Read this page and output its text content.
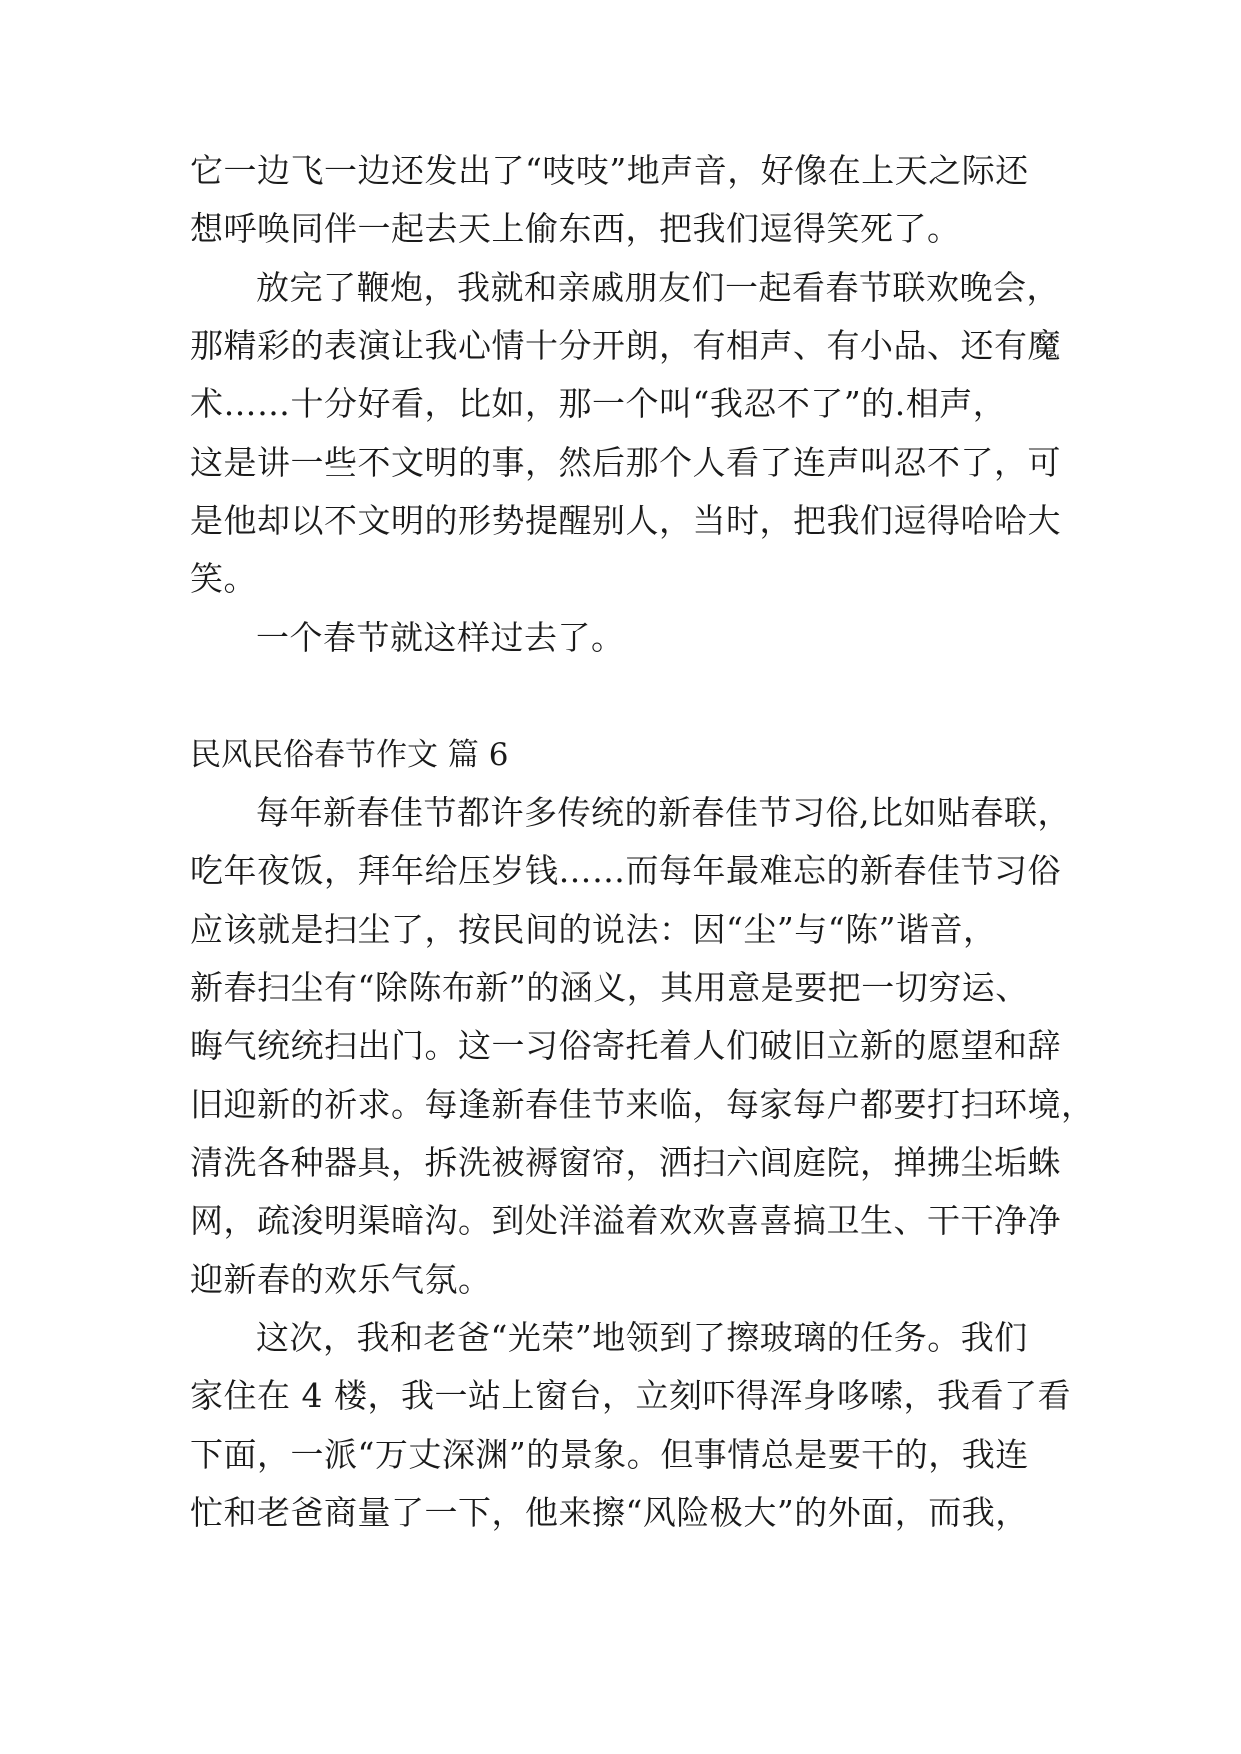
它一边飞一边还发出了“吱吱”地声音，好像在上天之际还
想呼唤同伴一起去天上偷东西，把我们逗得笑死了。
放完了鞭炮，我就和亲戚朋友们一起看春节联欢晚会，
那精彩的表演让我心情十分开朗，有相声、有小品、还有魔
术……十分好看，比如，那一个叫“我忍不了”的.相声，
这是讲一些不文明的事，然后那个人看了连声叫忍不了，可
是他却以不文明的形势提醒别人，当时，把我们逗得哈哈大
笑。
一个春节就这样过去了。
民风民俗春节作文 篇 6
每年新春佳节都许多传统的新春佳节习俗,比如贴春联，
吃年夜饭，拜年给压岁钱……而每年最难忘的新春佳节习俗
应该就是扫尘了，按民间的说法：因“尘”与“陈”谐音，
新春扫尘有“除陈布新”的涵义，其用意是要把一切穷运、
晦气统统扫出门。这一习俗寄托着人们破旧立新的愿望和辞
旧迎新的祈求。每逢新春佳节来临，每家每户都要打扫环境，
清洗各种器具，拆洗被褥窗帘，洒扫六闾庭院，掸拂尘垢蛛
网，疏浚明渠暗沟。到处洋溢着欢欢喜喜搞卫生、干干净净
迎新春的欢乐气氛。
这次，我和老爸“光荣”地领到了擦玻璃的任务。我们
家住在 4 楼，我一站上窗台，立刻吓得浑身哆嗦，我看了看
下面，一派“万丈深渊”的景象。但事情总是要干的，我连
忙和老爸商量了一下，他来擦“风险极大”的外面，而我，
